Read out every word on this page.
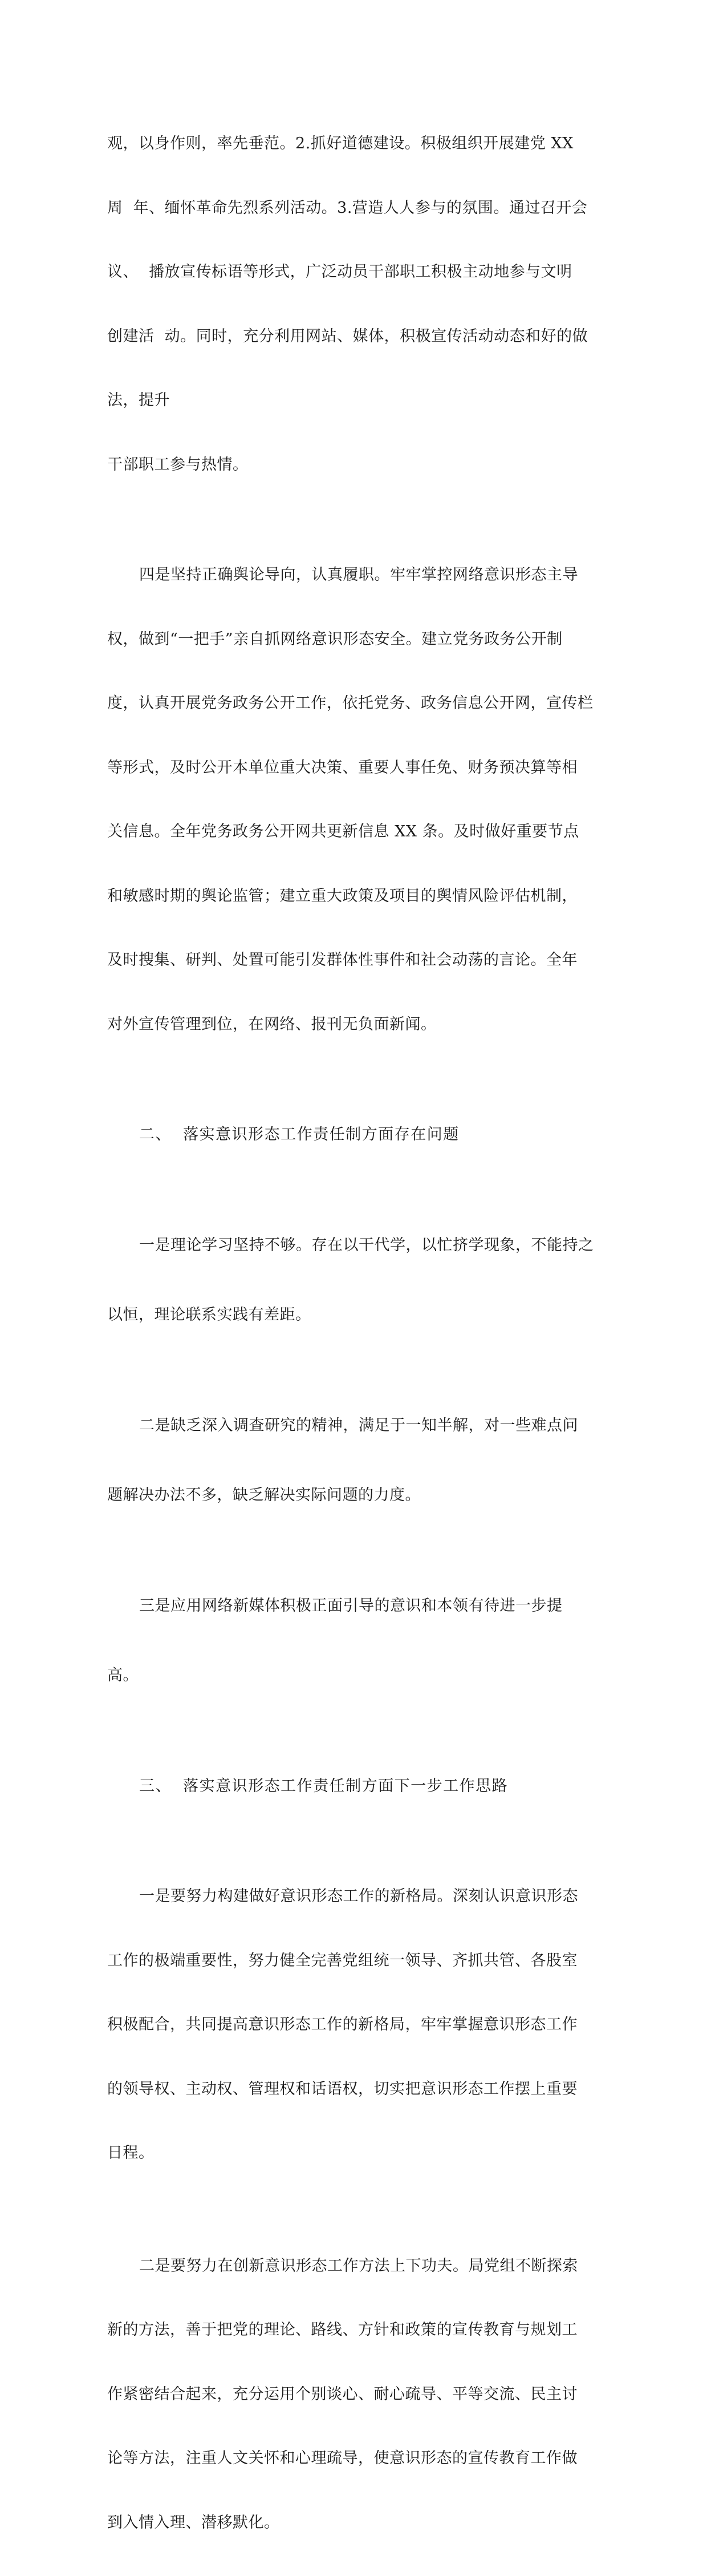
观，以身作则，率先垂范。2.抓好道德建设。积极组织开展建党 XX

周  年、缅怀革命先烈系列活动。3.营造人人参与的氛围。通过召开会

议、  播放宣传标语等形式，广泛动员干部职工积极主动地参与文明

创建活  动。同时，充分利用网站、媒体，积极宣传活动动态和好的做

法，提升

干部职工参与热情。

四是坚持正确舆论导向，认真履职。牢牢掌控网络意识形态主导

权，做到“一把手”亲自抓网络意识形态安全。建立党务政务公开制

度，认真开展党务政务公开工作，依托党务、政务信息公开网，宣传栏

等形式，及时公开本单位重大决策、重要人事任免、财务预决算等相

关信息。全年党务政务公开网共更新信息 XX 条。及时做好重要节点

和敏感时期的舆论监管；建立重大政策及项目的舆情风险评估机制，

及时搜集、研判、处置可能引发群体性事件和社会动荡的言论。全年

对外宣传管理到位，在网络、报刊无负面新闻。

二、  落实意识形态工作责任制方面存在问题

一是理论学习坚持不够。存在以干代学，以忙挤学现象，不能持之

以恒，理论联系实践有差距。

二是缺乏深入调查研究的精神，满足于一知半解，对一些难点问

题解决办法不多，缺乏解决实际问题的力度。

三是应用网络新媒体积极正面引导的意识和本领有待进一步提

高。

三、  落实意识形态工作责任制方面下一步工作思路

一是要努力构建做好意识形态工作的新格局。深刻认识意识形态

工作的极端重要性，努力健全完善党组统一领导、齐抓共管、各股室

积极配合，共同提高意识形态工作的新格局，牢牢掌握意识形态工作

的领导权、主动权、管理权和话语权，切实把意识形态工作摆上重要

日程。

二是要努力在创新意识形态工作方法上下功夫。局党组不断探索

新的方法，善于把党的理论、路线、方针和政策的宣传教育与规划工

作紧密结合起来，充分运用个别谈心、耐心疏导、平等交流、民主讨

论等方法，注重人文关怀和心理疏导，使意识形态的宣传教育工作做

到入情入理、潜移默化。
